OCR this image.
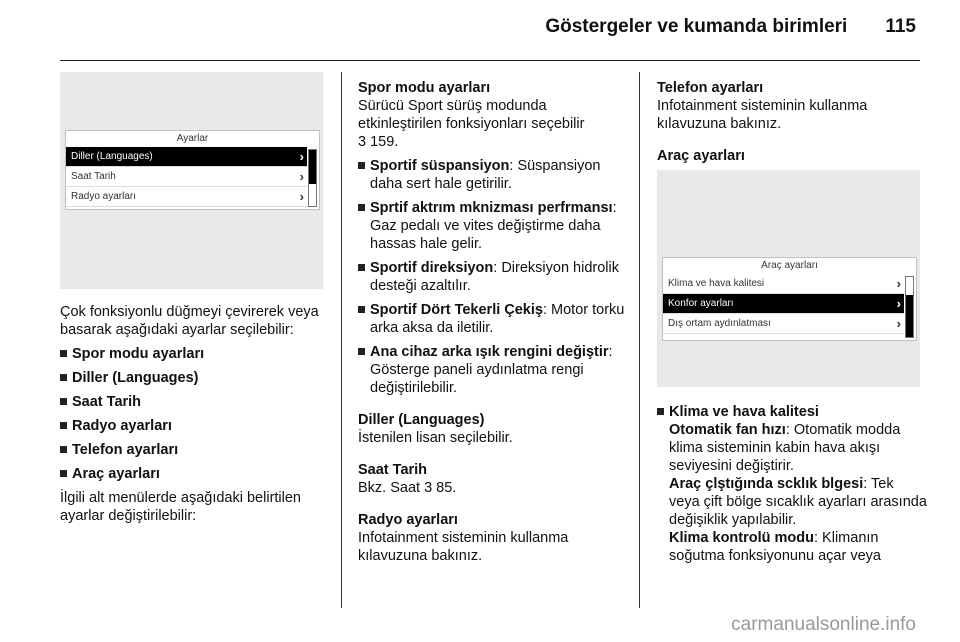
Göstergeler ve kumanda birimleri 115
Ayarlar
Diller (Languages)	›
Saat Tarih	›
Radyo ayarları	›

Çok fonksiyonlu düğmeyi çevirerek veya basarak aşağıdaki ayarlar seçilebilir:

Spor modu ayarları
Diller (Languages)
Saat Tarih
Radyo ayarları
Telefon ayarları
Araç ayarları

İlgili alt menülerde aşağıdaki belirtilen ayarlar değiştirilebilir:

Spor modu ayarları

Sürücü Sport sürüş modunda etkinleştirilen fonksiyonları seçebilir
3 159.

Sportif süspansiyon: Süspansiyon daha sert hale getirilir.
Sprtif aktrım mknizması perfrmansı: Gaz pedalı ve vites değiştirme daha hassas hale gelir.
Sportif direksiyon: Direksiyon hidrolik desteği azaltılır.
Sportif Dört Tekerli Çekiş: Motor torku arka aksa da iletilir.
Ana cihaz arka ışık rengini değiştir: Gösterge paneli aydınlatma rengi değiştirilebilir.

Diller (Languages)

İstenilen lisan seçilebilir.

Saat Tarih

Bkz. Saat 3 85.

Radyo ayarları

Infotainment sisteminin kullanma kılavuzuna bakınız.

Telefon ayarları

Infotainment sisteminin kullanma kılavuzuna bakınız.

Araç ayarları

Araç ayarları
Klima ve hava kalitesi	›
Konfor ayarları	›
Dış ortam aydınlatması	›
Klima ve hava kalitesi

Otomatik fan hızı: Otomatik modda klima sisteminin kabin hava akışı seviyesini değiştirir.

Araç çlştığında scklık blgesi: Tek veya çift bölge sıcaklık ayarları arasında değişiklik yapılabilir.

Klima kontrolü modu: Klimanın soğutma fonksiyonunu açar veya

carmanualsonline.info
